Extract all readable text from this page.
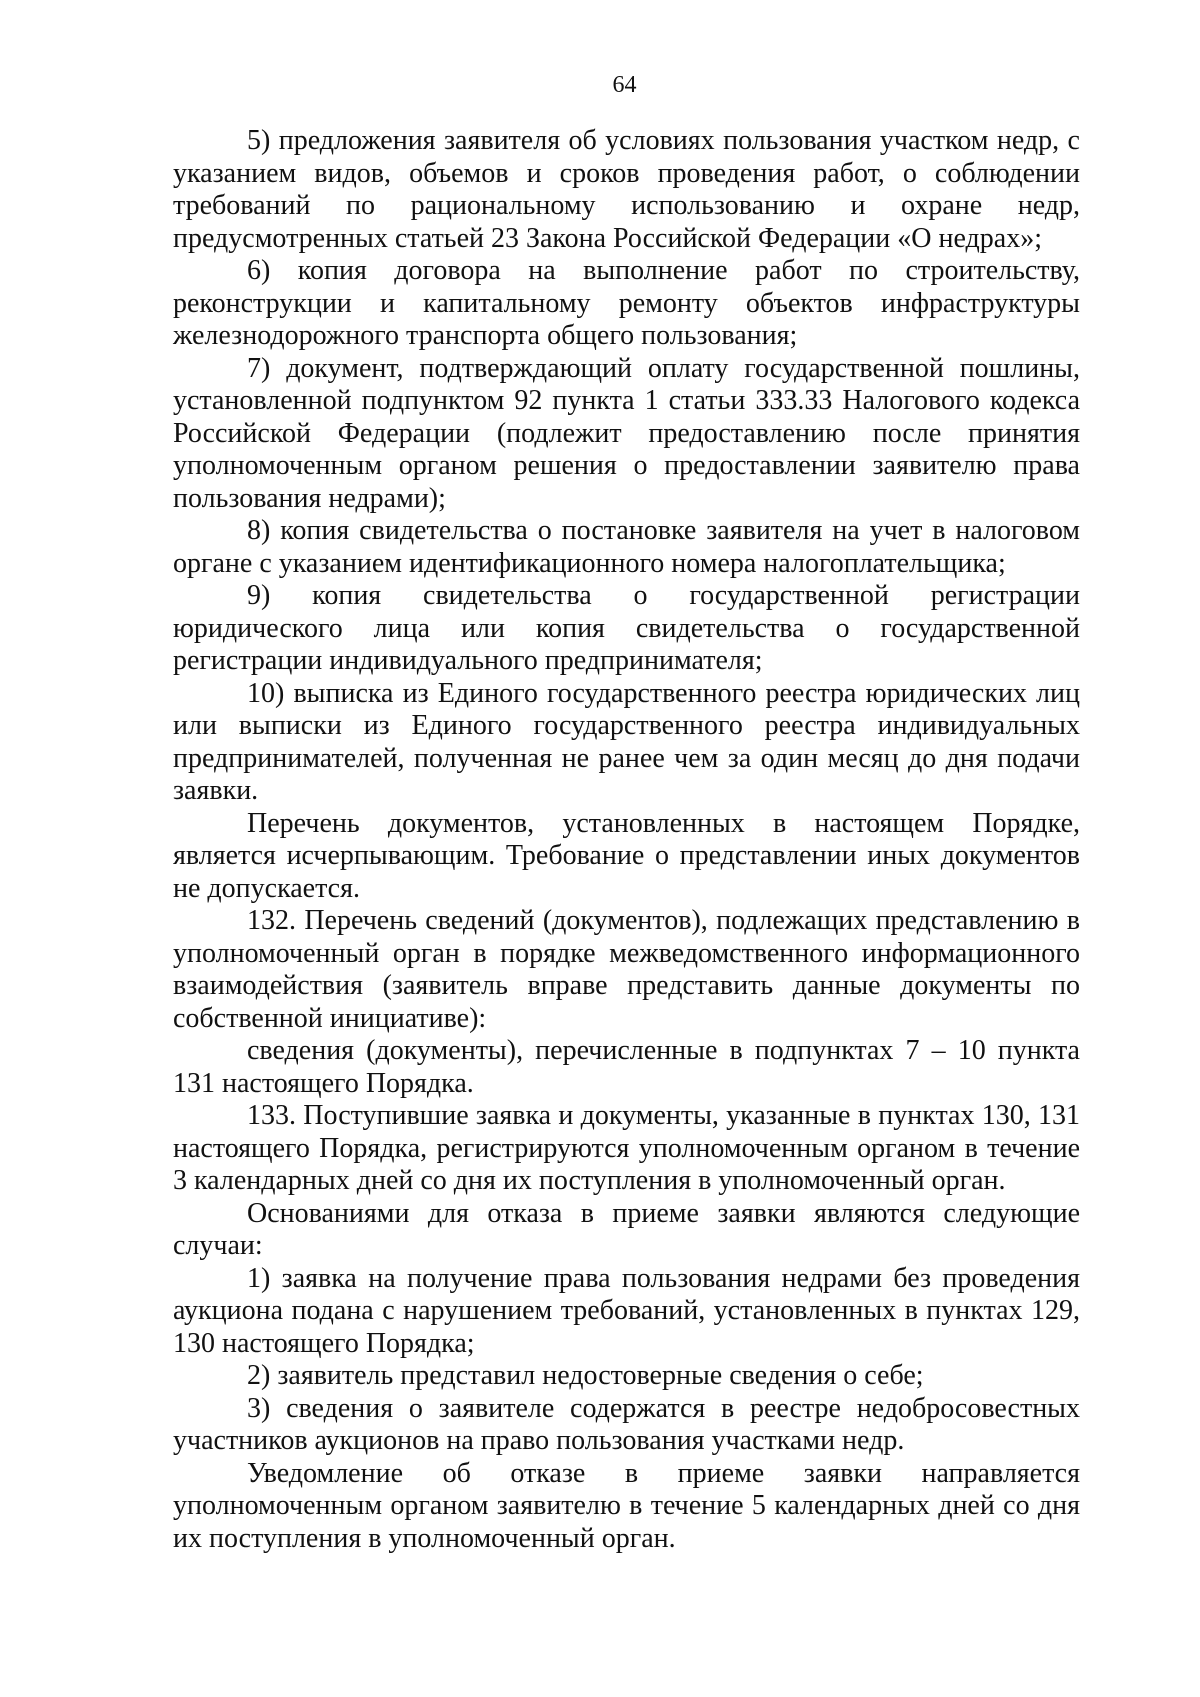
64

5) предложения заявителя об условиях пользования участком недр, с указанием видов, объемов и сроков проведения работ, о соблюдении требований по рациональному использованию и охране недр, предусмотренных статьей 23 Закона Российской Федерации «О недрах»;

6) копия договора на выполнение работ по строительству, реконструкции и капитальному ремонту объектов инфраструктуры железнодорожного транспорта общего пользования;

7) документ, подтверждающий оплату государственной пошлины, установленной подпунктом 92 пункта 1 статьи 333.33 Налогового кодекса Российской Федерации (подлежит предоставлению после принятия уполномоченным органом решения о предоставлении заявителю права пользования недрами);

8) копия свидетельства о постановке заявителя на учет в налоговом органе с указанием идентификационного номера налогоплательщика;

9) копия свидетельства о государственной регистрации юридического лица или копия свидетельства о государственной регистрации индивидуального предпринимателя;

10) выписка из Единого государственного реестра юридических лиц или выписки из Единого государственного реестра индивидуальных предпринимателей, полученная не ранее чем за один месяц до дня подачи заявки.

Перечень документов, установленных в настоящем Порядке, является исчерпывающим. Требование о представлении иных документов не допускается.

132. Перечень сведений (документов), подлежащих представлению в уполномоченный орган в порядке межведомственного информационного взаимодействия (заявитель вправе представить данные документы по собственной инициативе):

сведения (документы), перечисленные в подпунктах 7 – 10 пункта 131 настоящего Порядка.

133. Поступившие заявка и документы, указанные в пунктах 130, 131 настоящего Порядка, регистрируются уполномоченным органом в течение 3 календарных дней со дня их поступления в уполномоченный орган.

Основаниями для отказа в приеме заявки являются следующие случаи:

1) заявка на получение права пользования недрами без проведения аукциона подана с нарушением требований, установленных в пунктах 129, 130 настоящего Порядка;

2) заявитель представил недостоверные сведения о себе;

3) сведения о заявителе содержатся в реестре недобросовестных участников аукционов на право пользования участками недр.

Уведомление об отказе в приеме заявки направляется уполномоченным органом заявителю в течение 5 календарных дней со дня их поступления в уполномоченный орган.
